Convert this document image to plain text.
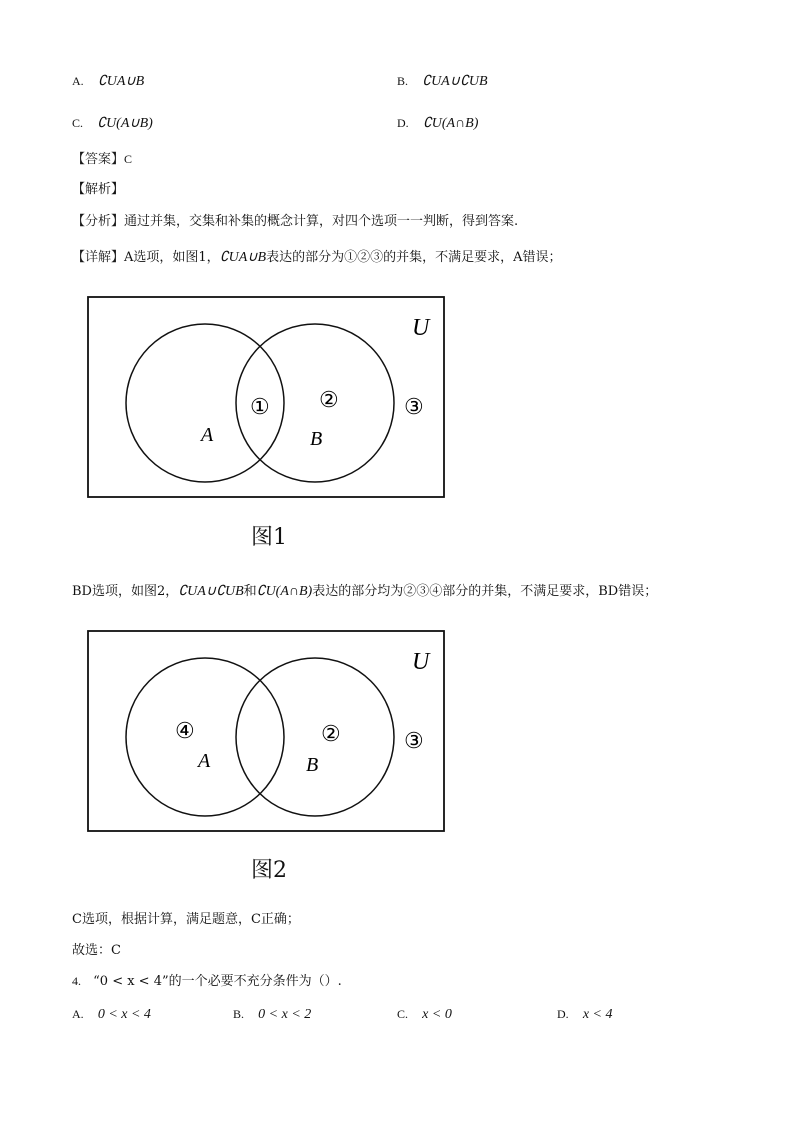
A. ∁UA∪B	B. ∁UA∪∁UB
C. ∁U(A∪B)	D. ∁U(A∩B)
【答案】C
【解析】
【分析】通过并集，交集和补集的概念计算，对四个选项一一判断，得到答案.
【详解】A选项，如图1，∁UA∪B表达的部分为①②③的并集，不满足要求，A错误；
U
A	B
① ②	③
图1
BD选项，如图2，∁UA∪∁UB和∁U(A∩B)表达的部分均为②③④部分的并集，不满足要求，BD错误；
U
A	B
④	②	③
图2
C选项，根据计算，满足题意，C正确；
故选：C
4. “0 < x < 4”的一个必要不充分条件为（）.
A. 0 < x < 4	B. 0 < x < 2	C. x < 0	D. x < 4
